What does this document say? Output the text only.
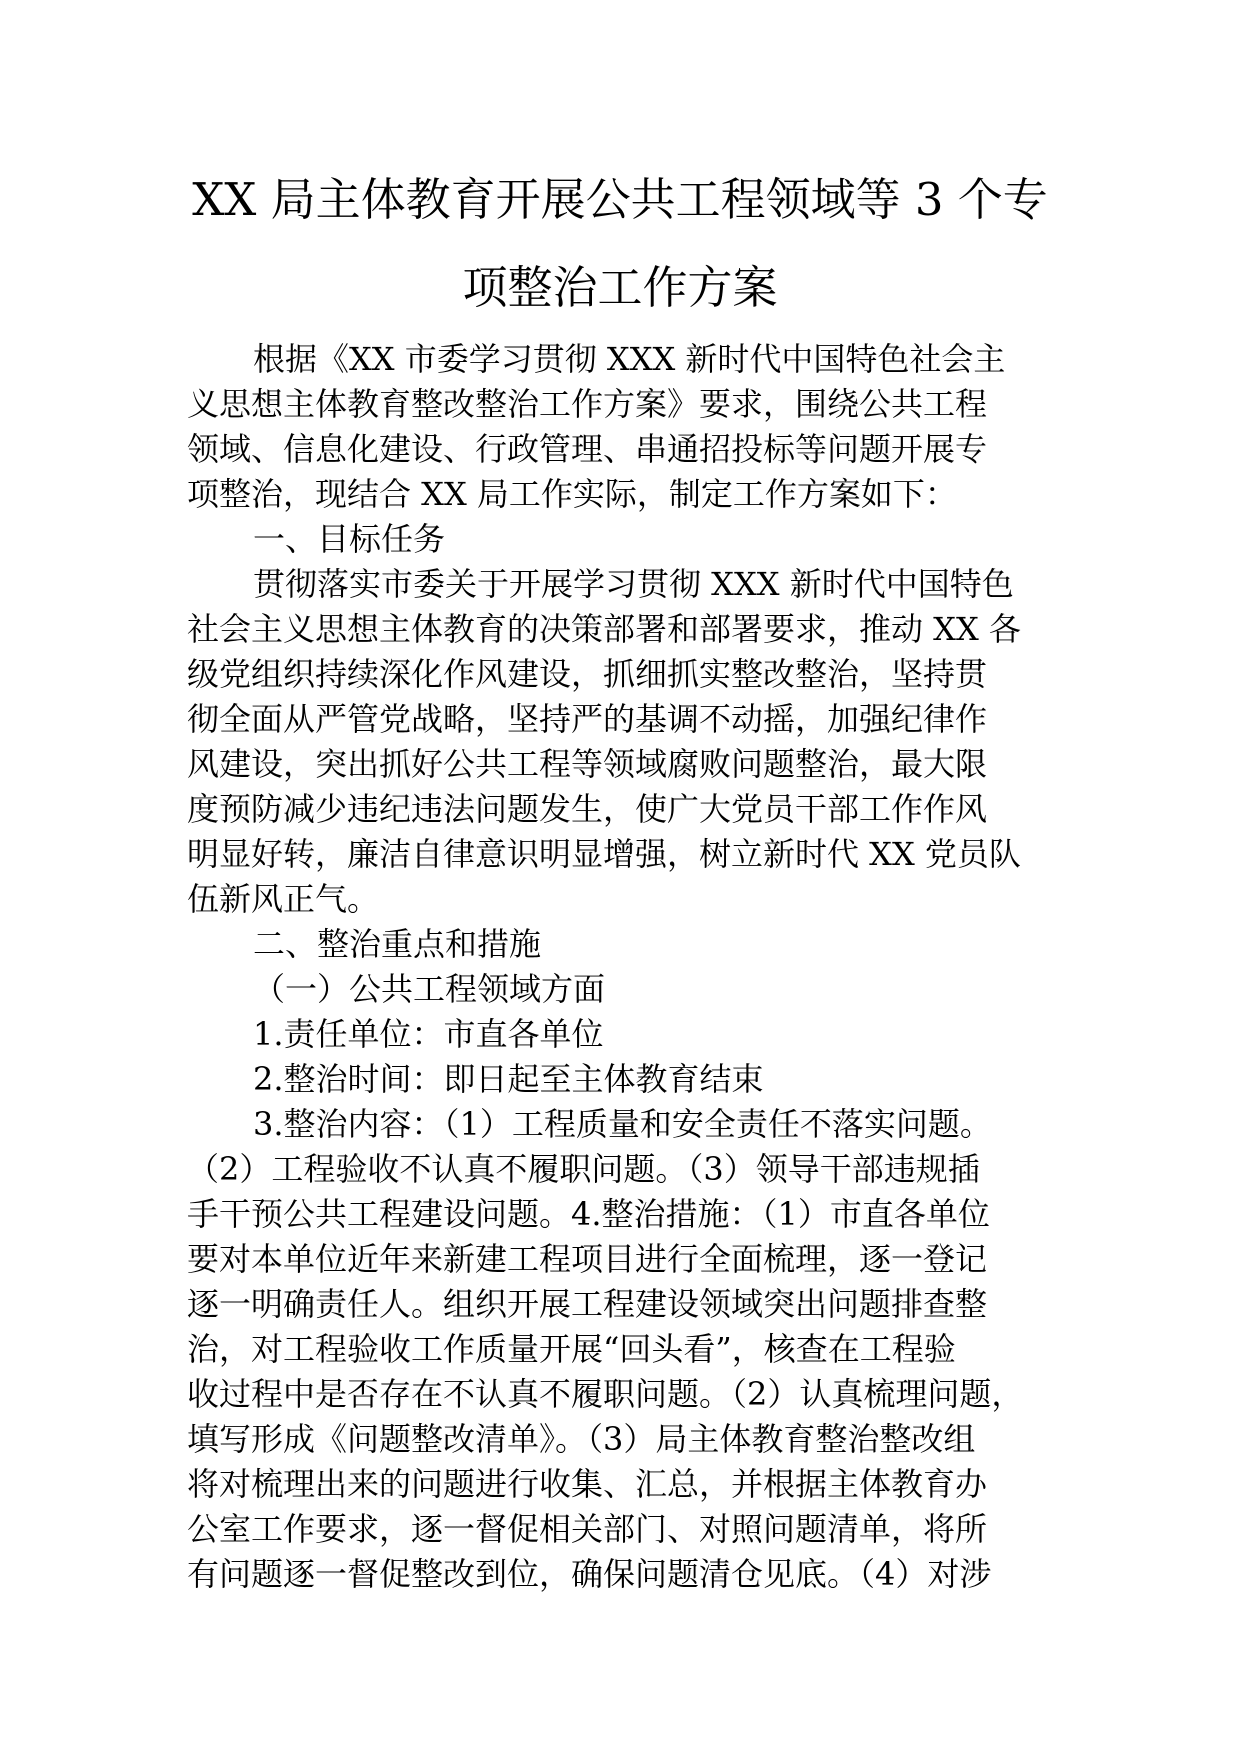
XX 局主体教育开展公共工程领域等 3 个专
项整治工作方案
根据《XX 市委学习贯彻 XXX 新时代中国特色社会主
义思想主体教育整改整治工作方案》要求，围绕公共工程
领域、信息化建设、行政管理、串通招投标等问题开展专
项整治，现结合 XX 局工作实际，制定工作方案如下：
一、目标任务
贯彻落实市委关于开展学习贯彻 XXX 新时代中国特色
社会主义思想主体教育的决策部署和部署要求，推动 XX 各
级党组织持续深化作风建设，抓细抓实整改整治，坚持贯
彻全面从严管党战略，坚持严的基调不动摇，加强纪律作
风建设，突出抓好公共工程等领域腐败问题整治，最大限
度预防减少违纪违法问题发生，使广大党员干部工作作风
明显好转，廉洁自律意识明显增强，树立新时代 XX 党员队
伍新风正气。
二、整治重点和措施
（一）公共工程领域方面
1.责任单位：市直各单位
2.整治时间：即日起至主体教育结束
3.整治内容：（1）工程质量和安全责任不落实问题。
（2）工程验收不认真不履职问题。（3）领导干部违规插
手干预公共工程建设问题。4.整治措施：（1）市直各单位
要对本单位近年来新建工程项目进行全面梳理，逐一登记
逐一明确责任人。组织开展工程建设领域突出问题排查整
治，对工程验收工作质量开展“回头看”，核查在工程验
收过程中是否存在不认真不履职问题。（2）认真梳理问题，
填写形成《问题整改清单》。（3）局主体教育整治整改组
将对梳理出来的问题进行收集、汇总，并根据主体教育办
公室工作要求，逐一督促相关部门、对照问题清单，将所
有问题逐一督促整改到位，确保问题清仓见底。（4）对涉
